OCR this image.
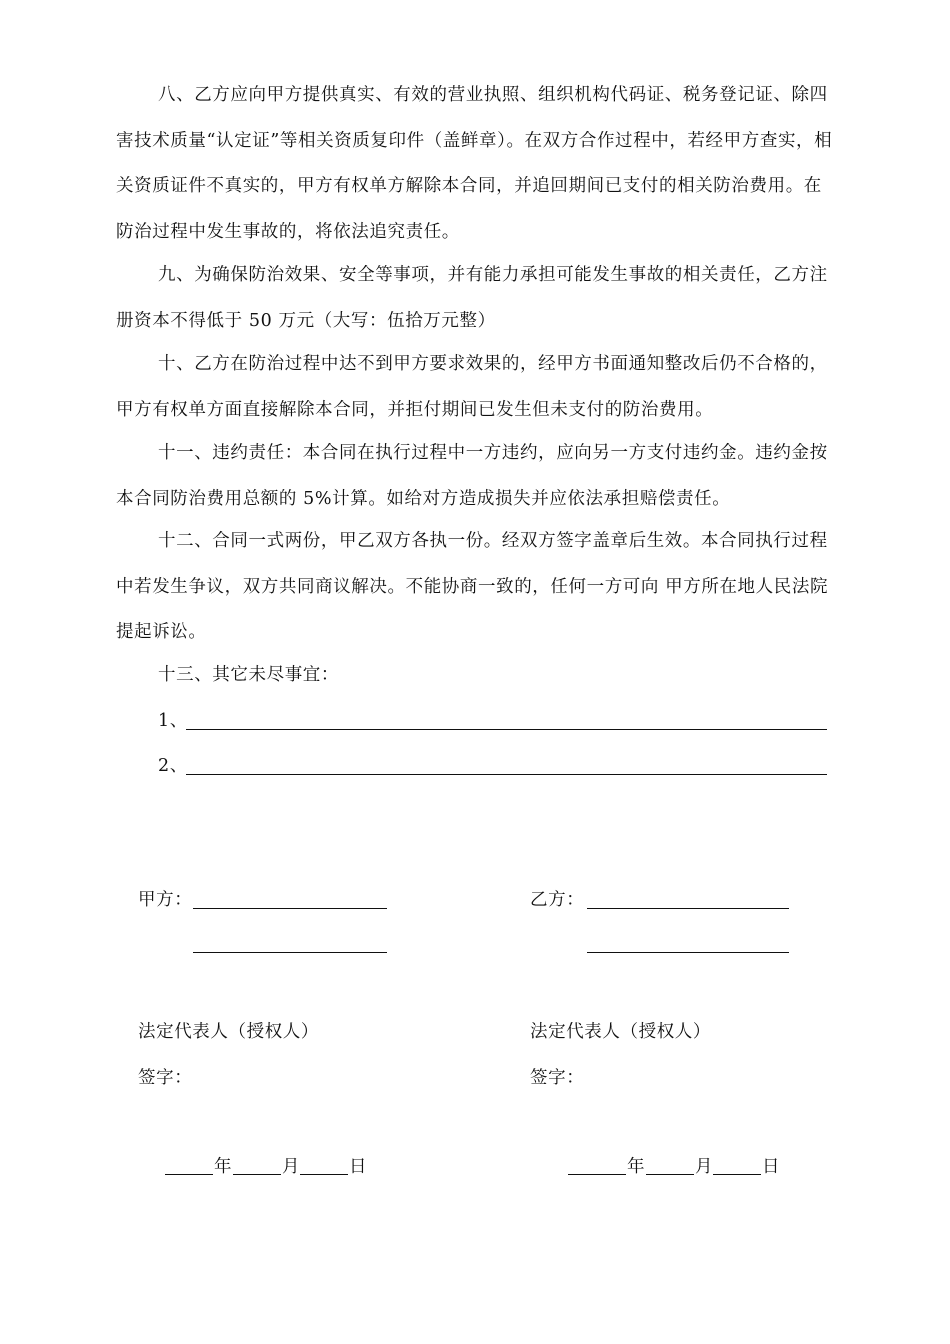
八、乙方应向甲方提供真实、有效的营业执照、组织机构代码证、税务登记证、除四害技术质量“认定证”等相关资质复印件（盖鲜章）。在双方合作过程中，若经甲方查实，相关资质证件不真实的，甲方有权单方解除本合同，并追回期间已支付的相关防治费用。在防治过程中发生事故的，将依法追究责任。

九、为确保防治效果、安全等事项，并有能力承担可能发生事故的相关责任，乙方注册资本不得低于 50 万元（大写：伍拾万元整）

十、乙方在防治过程中达不到甲方要求效果的，经甲方书面通知整改后仍不合格的，甲方有权单方面直接解除本合同，并拒付期间已发生但未支付的防治费用。

十一、违约责任：本合同在执行过程中一方违约，应向另一方支付违约金。违约金按本合同防治费用总额的 5%计算。如给对方造成损失并应依法承担赔偿责任。

十二、合同一式两份，甲乙双方各执一份。经双方签字盖章后生效。本合同执行过程中若发生争议，双方共同商议解决。不能协商一致的，任何一方可向 甲方所在地人民法院提起诉讼。

十三、其它未尽事宜：

1、
2、
甲方：
法定代表人（授权人）
签字：
乙方：
法定代表人（授权人）
签字：
年	月	日	年	月	日
